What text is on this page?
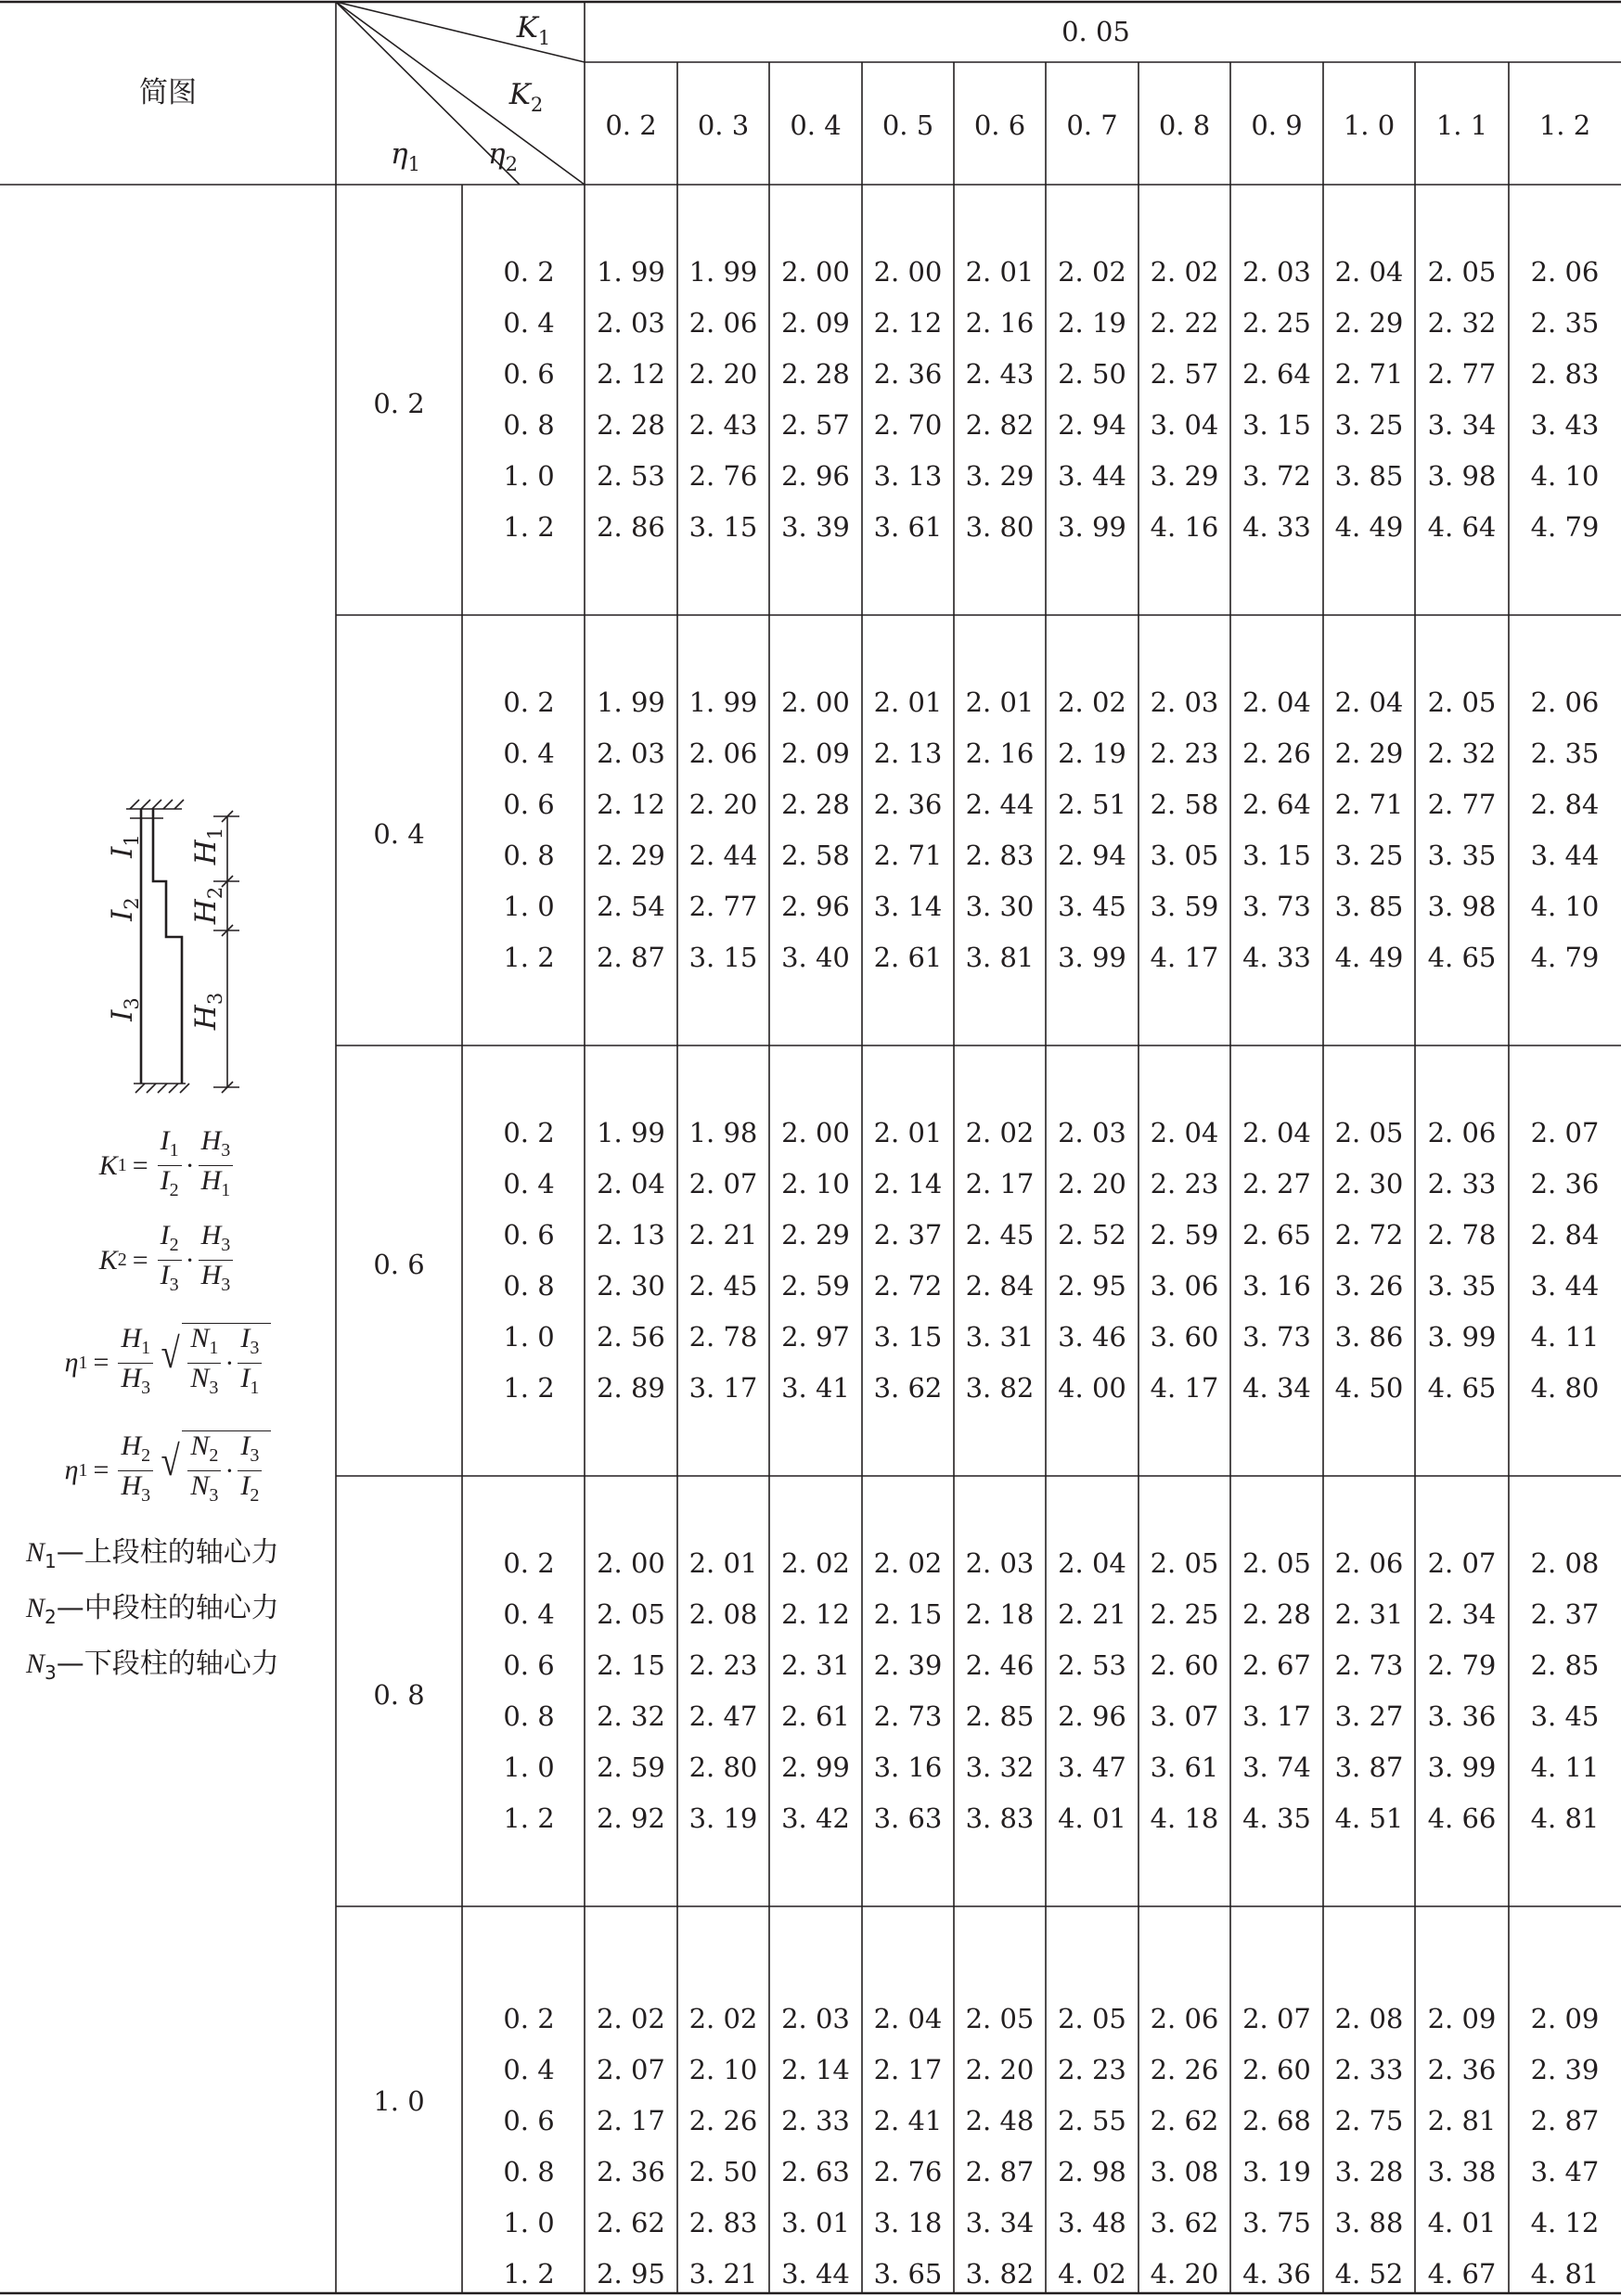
简图
$K_1$
$K_2$
$\eta_1$ $\eta_2$
0. 05
0. 2 0. 3 0. 4 0. 5 0. 6 0. 7 0. 8 0. 9 1. 0 1. 1 1. 2
0. 2
0. 2 1. 99 1. 99 2. 00 2. 00 2. 01 2. 02 2. 02 2. 03 2. 04 2. 05 2. 06
0. 4 2. 03 2. 06 2. 09 2. 12 2. 16 2. 19 2. 22 2. 25 2. 29 2. 32 2. 35
0. 6 2. 12 2. 20 2. 28 2. 36 2. 43 2. 50 2. 57 2. 64 2. 71 2. 77 2. 83
0. 8 2. 28 2. 43 2. 57 2. 70 2. 82 2. 94 3. 04 3. 15 3. 25 3. 34 3. 43
1. 0 2. 53 2. 76 2. 96 3. 13 3. 29 3. 44 3. 29 3. 72 3. 85 3. 98 4. 10
1. 2 2. 86 3. 15 3. 39 3. 61 3. 80 3. 99 4. 16 4. 33 4. 49 4. 64 4. 79
0. 4
0. 2 1. 99 1. 99 2. 00 2. 01 2. 01 2. 02 2. 03 2. 04 2. 04 2. 05 2. 06
0. 4 2. 03 2. 06 2. 09 2. 13 2. 16 2. 19 2. 23 2. 26 2. 29 2. 32 2. 35
0. 6 2. 12 2. 20 2. 28 2. 36 2. 44 2. 51 2. 58 2. 64 2. 71 2. 77 2. 84
0. 8 2. 29 2. 44 2. 58 2. 71 2. 83 2. 94 3. 05 3. 15 3. 25 3. 35 3. 44
1. 0 2. 54 2. 77 2. 96 3. 14 3. 30 3. 45 3. 59 3. 73 3. 85 3. 98 4. 10
1. 2 2. 87 3. 15 3. 40 2. 61 3. 81 3. 99 4. 17 4. 33 4. 49 4. 65 4. 79
0. 6
0. 2 1. 99 1. 98 2. 00 2. 01 2. 02 2. 03 2. 04 2. 04 2. 05 2. 06 2. 07
0. 4 2. 04 2. 07 2. 10 2. 14 2. 17 2. 20 2. 23 2. 27 2. 30 2. 33 2. 36
0. 6 2. 13 2. 21 2. 29 2. 37 2. 45 2. 52 2. 59 2. 65 2. 72 2. 78 2. 84
0. 8 2. 30 2. 45 2. 59 2. 72 2. 84 2. 95 3. 06 3. 16 3. 26 3. 35 3. 44
1. 0 2. 56 2. 78 2. 97 3. 15 3. 31 3. 46 3. 60 3. 73 3. 86 3. 99 4. 11
1. 2 2. 89 3. 17 3. 41 3. 62 3. 82 4. 00 4. 17 4. 34 4. 50 4. 65 4. 80
0. 8
0. 2 2. 00 2. 01 2. 02 2. 02 2. 03 2. 04 2. 05 2. 05 2. 06 2. 07 2. 08
0. 4 2. 05 2. 08 2. 12 2. 15 2. 18 2. 21 2. 25 2. 28 2. 31 2. 34 2. 37
0. 6 2. 15 2. 23 2. 31 2. 39 2. 46 2. 53 2. 60 2. 67 2. 73 2. 79 2. 85
0. 8 2. 32 2. 47 2. 61 2. 73 2. 85 2. 96 3. 07 3. 17 3. 27 3. 36 3. 45
1. 0 2. 59 2. 80 2. 99 3. 16 3. 32 3. 47 3. 61 3. 74 3. 87 3. 99 4. 11
1. 2 2. 92 3. 19 3. 42 3. 63 3. 83 4. 01 4. 18 4. 35 4. 51 4. 66 4. 81
1. 0
0. 2 2. 02 2. 02 2. 03 2. 04 2. 05 2. 05 2. 06 2. 07 2. 08 2. 09 2. 09
0. 4 2. 07 2. 10 2. 14 2. 17 2. 20 2. 23 2. 26 2. 60 2. 33 2. 36 2. 39
0. 6 2. 17 2. 26 2. 33 2. 41 2. 48 2. 55 2. 62 2. 68 2. 75 2. 81 2. 87
0. 8 2. 36 2. 50 2. 63 2. 76 2. 87 2. 98 3. 08 3. 19 3. 28 3. 38 3. 47
1. 0 2. 62 2. 83 3. 01 3. 18 3. 34 3. 48 3. 62 3. 75 3. 88 4. 01 4. 12
1. 2 2. 95 3. 21 3. 44 3. 65 3. 82 4. 02 4. 20 4. 36 4. 52 4. 67 4. 81
$I_1$
$I_2$
$I_3$
$H_1$
$H_2$
$H_3$
K $1 = \frac{I_1}{I_2} \cdot \frac{H_3}{H_1}$
K $2 = \frac{I_2}{I_3} \cdot \frac{H_3}{H_3}$
η $1 = \frac{H_1}{H_3}$ √ $\frac{N_1}{N_3} \cdot \frac{I_3}{I_1}$
η $1 = \frac{H_2}{H_3}$ √ $\frac{N_2}{N_3} \cdot \frac{I_3}{I_2}$
$N_1—$上段柱的轴心力
$N_2—$中段柱的轴心力
$N_3—$下段柱的轴心力
